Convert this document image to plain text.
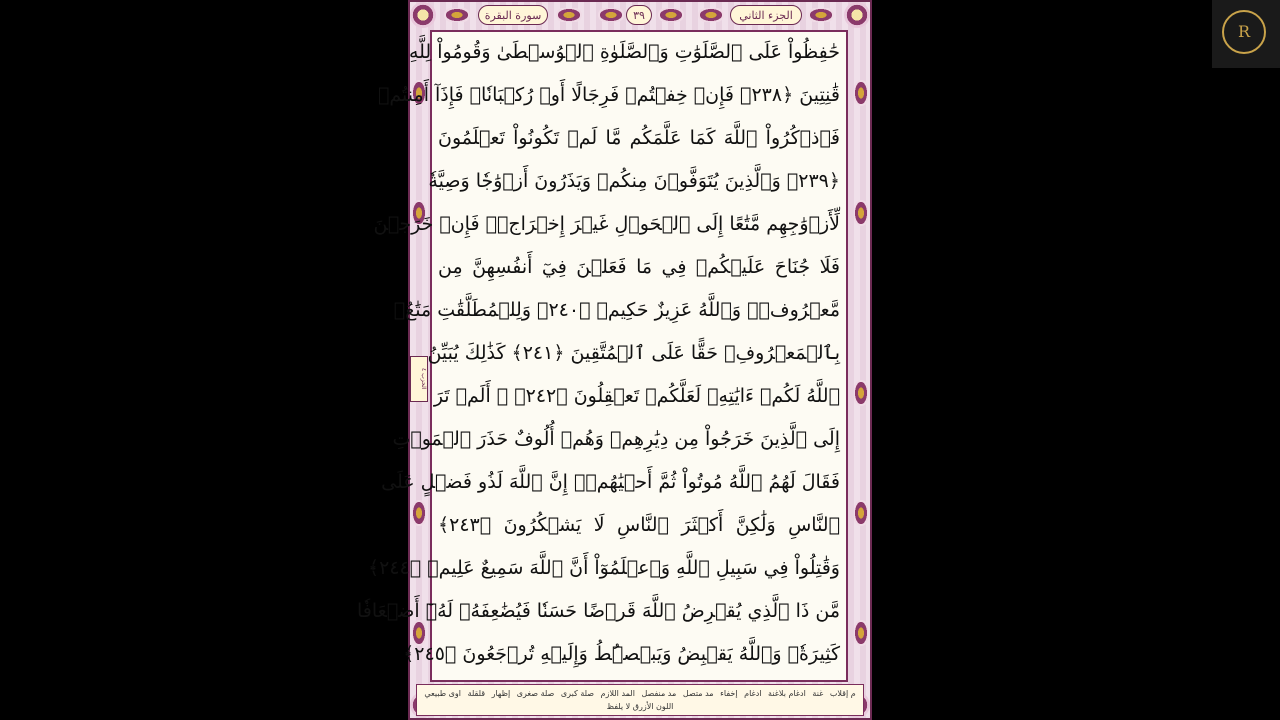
سورة البقرة	٣٩	الجزء الثاني
الحزب ٤
حَٰفِظُواْ عَلَى ٱلصَّلَوَٰتِ وَٱلصَّلَوٰةِ ٱلۡوُسۡطَىٰ وَقُومُواْ لِلَّهِ
قَٰنِتِينَ ﴿٢٣٨﴾ فَإِنۡ خِفۡتُمۡ فَرِجَالًا أَوۡ رُكۡبَانٗاۖ فَإِذَآ أَمِنتُمۡ
فَٱذۡكُرُواْ ٱللَّهَ كَمَا عَلَّمَكُم مَّا لَمۡ تَكُونُواْ تَعۡلَمُونَ
﴿٢٣٩﴾ وَٱلَّذِينَ يُتَوَفَّوۡنَ مِنكُمۡ وَيَذَرُونَ أَزۡوَٰجٗا وَصِيَّةٗ
لِّأَزۡوَٰجِهِم مَّتَٰعًا إِلَى ٱلۡحَوۡلِ غَيۡرَ إِخۡرَاجٖۚ فَإِنۡ خَرَجۡنَ
فَلَا جُنَاحَ عَلَيۡكُمۡ فِي مَا فَعَلۡنَ فِيٓ أَنفُسِهِنَّ مِن
مَّعۡرُوفٖۗ وَٱللَّهُ عَزِيزٌ حَكِيمٞ ﴿٢٤٠﴾ وَلِلۡمُطَلَّقَٰتِ مَتَٰعُۢ
بِٱلۡمَعۡرُوفِۖ حَقًّا عَلَى ٱلۡمُتَّقِينَ ﴿٢٤١﴾ كَذَٰلِكَ يُبَيِّنُ
ٱللَّهُ لَكُمۡ ءَايَٰتِهِۦ لَعَلَّكُمۡ تَعۡقِلُونَ ﴿٢٤٢﴾ ۞ أَلَمۡ تَرَ
إِلَى ٱلَّذِينَ خَرَجُواْ مِن دِيَٰرِهِمۡ وَهُمۡ أُلُوفٌ حَذَرَ ٱلۡمَوۡتِ
فَقَالَ لَهُمُ ٱللَّهُ مُوتُواْ ثُمَّ أَحۡيَٰهُمۡۚ إِنَّ ٱللَّهَ لَذُو فَضۡلٍ عَلَى
ٱلنَّاسِ وَلَٰكِنَّ أَكۡثَرَ ٱلنَّاسِ لَا يَشۡكُرُونَ ﴿٢٤٣﴾
وَقَٰتِلُواْ فِي سَبِيلِ ٱللَّهِ وَٱعۡلَمُوٓاْ أَنَّ ٱللَّهَ سَمِيعٌ عَلِيمٞ ﴿٢٤٤﴾
مَّن ذَا ٱلَّذِي يُقۡرِضُ ٱللَّهَ قَرۡضًا حَسَنٗا فَيُضَٰعِفَهُۥ لَهُۥٓ أَضۡعَافٗا
كَثِيرَةٗۚ وَٱللَّهُ يَقۡبِضُ وَيَبۡصُۜطُ وَإِلَيۡهِ تُرۡجَعُونَ ﴿٢٤٥﴾
م إقلاب
غنة
ادغام بلاغنة
ادغام
إخفاء
مد متصل
مد منفصل
المد اللازم
صلة كبرى
صلة صغرى
إظهار
قلقلة
اوى طبيعي
اللون الأزرق لا يلفظ
R
